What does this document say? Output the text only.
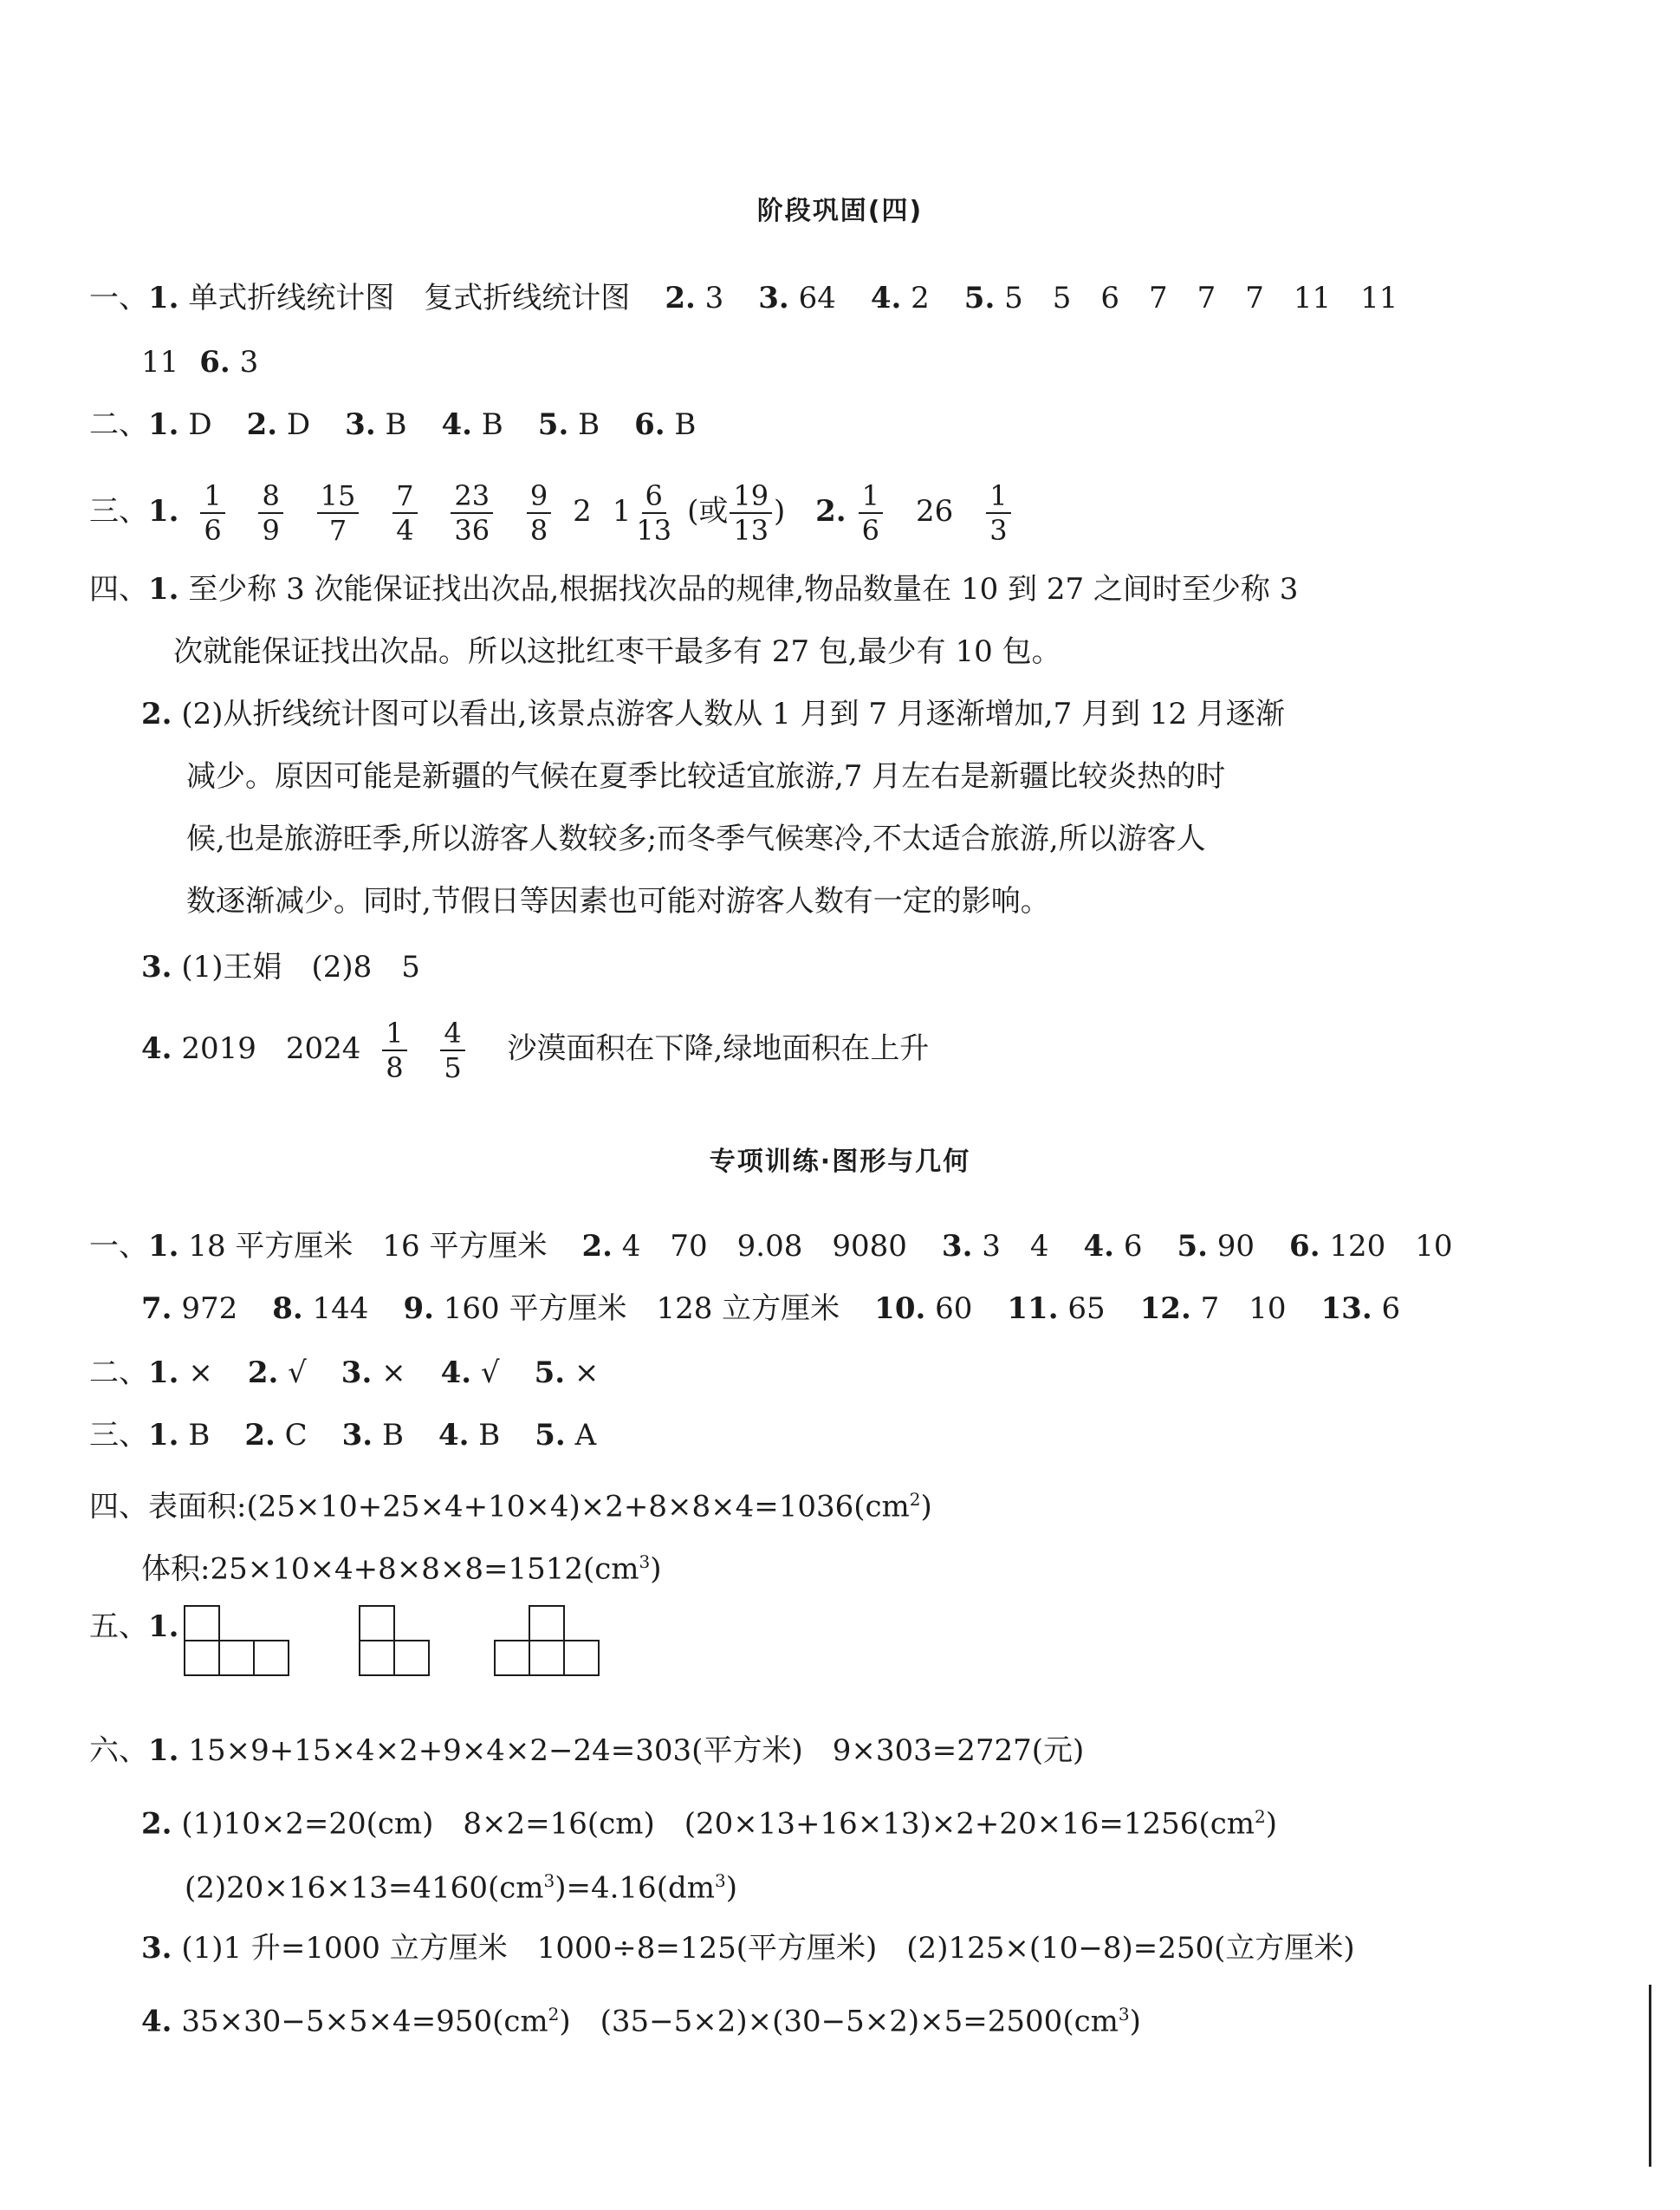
阶段巩固(四)
一、1. 单式折线统计图　复式折线统计图 2. 3 3. 64 4. 2 5. 5　5　6　7　7　7　11　11
11 6. 3
二、1. D 2. D 3. B 4. B 5. B 6. B
三、1. $\frac{1}{6}$
$\frac{8}{9}$
$\frac{15}{7}$
$\frac{7}{4}$
$\frac{23}{36}$
$\frac{9}{8} 2$ $1 \frac{6}{13}$ (或 $\frac{19}{13}$ ) 2. $\frac{1}{6} 26 \frac{1}{3}$
四、1. 至少称 3 次能保证找出次品,根据找次品的规律,物品数量在 10 到 27 之间时至少称 3
次就能保证找出次品。所以这批红枣干最多有 27 包,最少有 10 包。
2. (2)从折线统计图可以看出,该景点游客人数从 1 月到 7 月逐渐增加,7 月到 12 月逐渐
减少。原因可能是新疆的气候在夏季比较适宜旅游,7 月左右是新疆比较炎热的时
候,也是旅游旺季,所以游客人数较多;而冬季气候寒冷,不太适合旅游,所以游客人
数逐渐减少。同时,节假日等因素也可能对游客人数有一定的影响。
3. (1)王娟　(2)8　5
4. 2019　$2024 \frac{1}{8}$
$\frac{4}{5}$ 沙漠面积在下降,绿地面积在上升
专项训练·图形与几何
一、1. 18 平方厘米　16 平方厘米 2. 4　70　9.08　9080 3. 3　4 4. 6 5. 90 6. 120　10
7. 972 8. 144 9. 160 平方厘米　128 立方厘米 10. 60 11. 65 12. 7　10 13. 6
二、1. × 2. √ 3. × 4. √ 5. ×
三、1. B 2. C 3. B 4. B 5. A
四、表面积$:(25\times 10+25\times 4+10\times 4)\times 2+8\times 8\times 4=1036(cm^2)$
体积$:25\times 10\times 4+8\times 8\times 8=1512(cm^3)$
五、1.
六、1. 15×9+15×4×2+9×4×2−24=303(平方米)　9×303=2727(元)
2. (1)10×2=20(cm)　8×2=16(cm)　$(20\times 13+16\times 13)\times 2+20\times 16=1256(cm^2)$
$(2)20\times 16\times 13=4160(cm^3)=4.16(dm^3)$
3. (1)1 升=1000 立方厘米　1000÷8=125(平方厘米)　(2)125×(10−8)=250(立方厘米)
4. $35\times 30-5\times 5\times 4=950(cm^2)$　$(35-5\times 2)\times(30-5\times 2)\times 5=2500(cm^3)$
